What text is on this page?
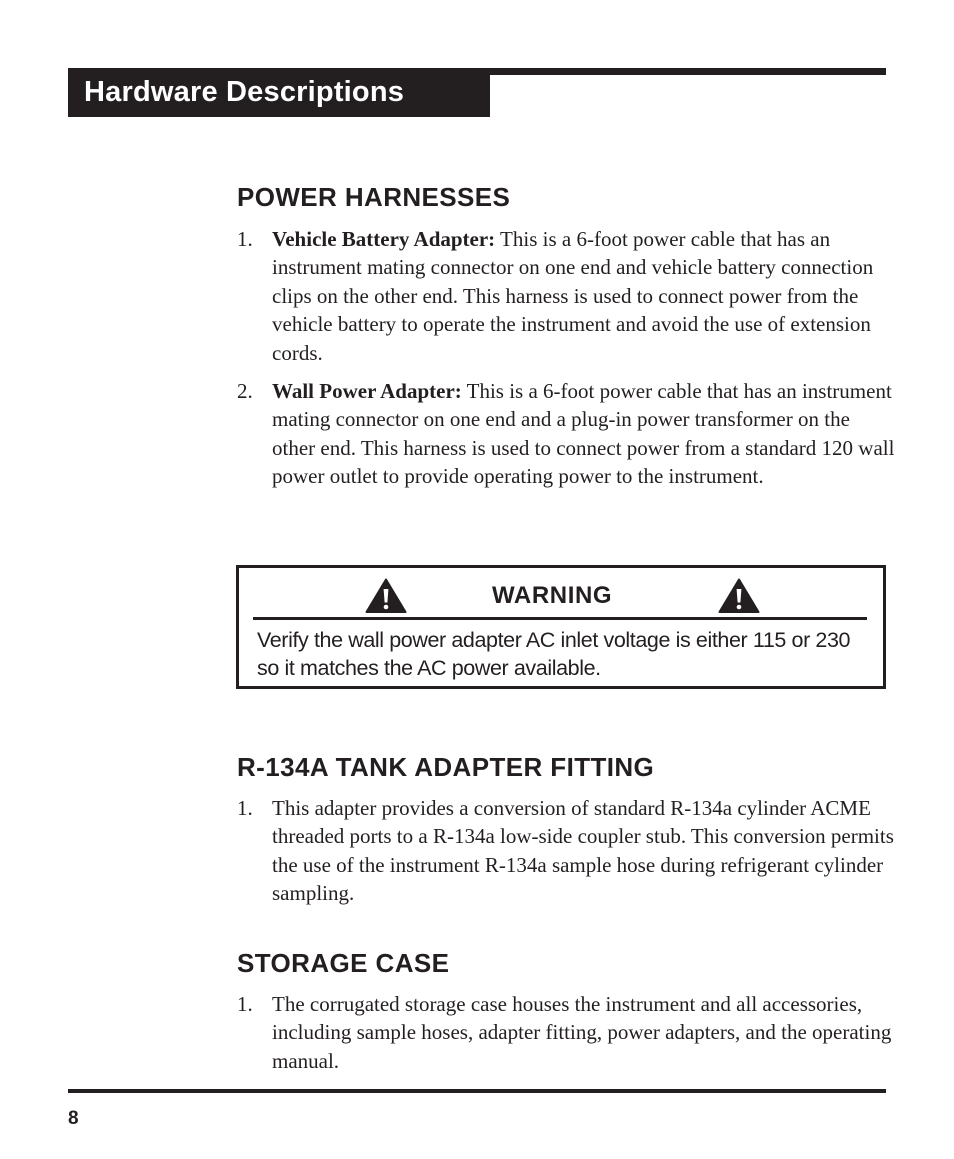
Hardware Descriptions
POWER HARNESSES
1. Vehicle Battery Adapter: This is a 6-foot power cable that has an instrument mating connector on one end and vehicle battery connection clips on the other end. This harness is used to connect power from the vehicle battery to operate the instrument and avoid the use of extension cords.
2. Wall Power Adapter: This is a 6-foot power cable that has an instrument mating connector on one end and a plug-in power transformer on the other end. This harness is used to connect power from a standard 120 wall power outlet to provide operating power to the instrument.
WARNING
Verify the wall power adapter AC inlet voltage is either 115 or 230 so it matches the AC power available.
R-134A TANK ADAPTER FITTING
1. This adapter provides a conversion of standard R-134a cylinder ACME threaded ports to a R-134a low-side coupler stub. This conversion permits the use of the instrument R-134a sample hose during refrigerant cylinder sampling.
STORAGE CASE
1. The corrugated storage case houses the instrument and all accessories, including sample hoses, adapter fitting, power adapters, and the operating manual.
8
